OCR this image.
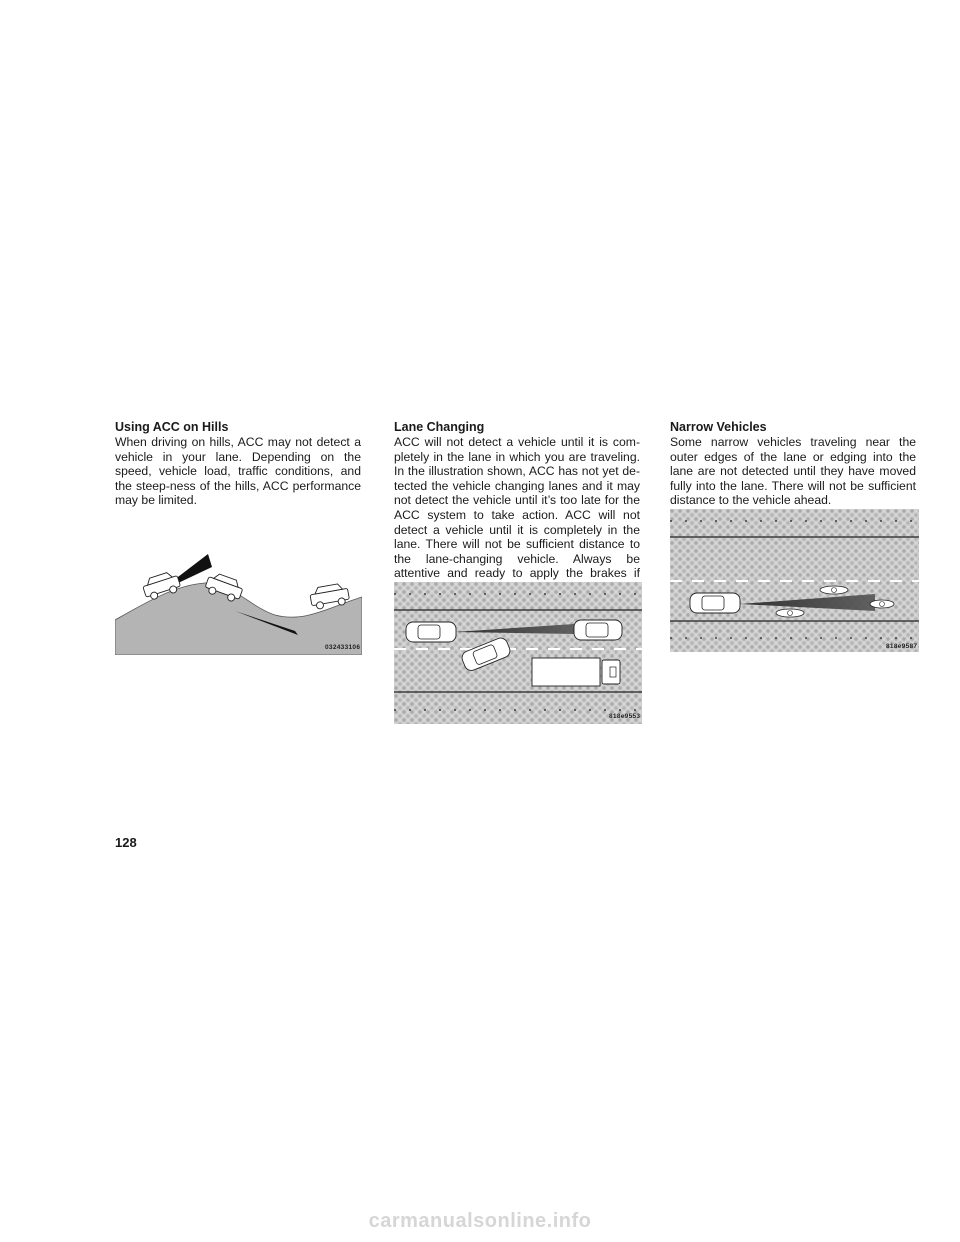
Using ACC on Hills

When driving on hills, ACC may not detect a vehicle in your lane. Depending on the speed, vehicle load, traffic conditions, and the steep-ness of the hills, ACC performance may be limited.

032433106
Lane Changing

ACC will not detect a vehicle until it is com-pletely in the lane in which you are traveling. In the illustration shown, ACC has not yet de-tected the vehicle changing lanes and it may not detect the vehicle until it’s too late for the ACC system to take action. ACC will not detect a vehicle until it is completely in the lane. There will not be sufficient distance to the lane-changing vehicle. Always be attentive and ready to apply the brakes if

818e9553
Narrow Vehicles

Some narrow vehicles traveling near the outer edges of the lane or edging into the lane are not detected until they have moved fully into the lane. There will not be sufficient distance to the vehicle ahead.

818e9587
128
carmanualsonline.info
